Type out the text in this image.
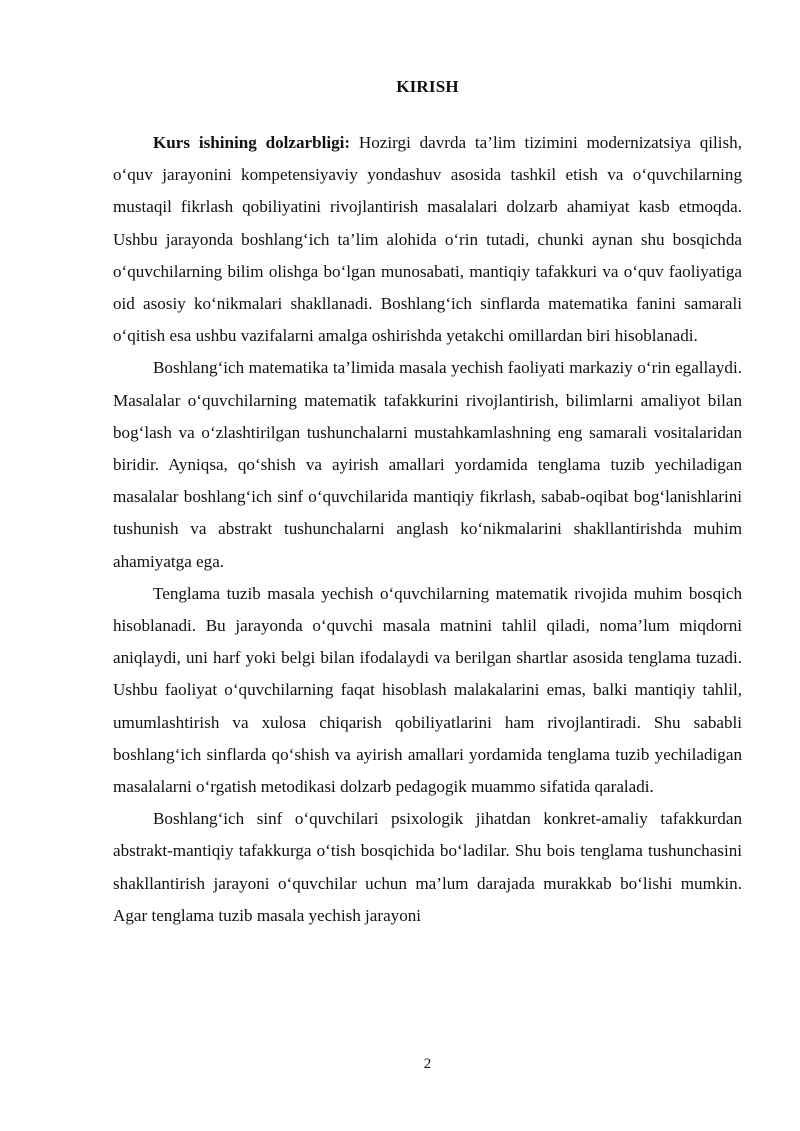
KIRISH

Kurs ishining dolzarbligi: Hozirgi davrda ta’lim tizimini modernizatsiya qilish, o‘quv jarayonini kompetensiyaviy yondashuv asosida tashkil etish va o‘quvchilarning mustaqil fikrlash qobiliyatini rivojlantirish masalalari dolzarb ahamiyat kasb etmoqda. Ushbu jarayonda boshlang‘ich ta’lim alohida o‘rin tutadi, chunki aynan shu bosqichda o‘quvchilarning bilim olishga bo‘lgan munosabati, mantiqiy tafakkuri va o‘quv faoliyatiga oid asosiy ko‘nikmalari shakllanadi. Boshlang‘ich sinflarda matematika fanini samarali o‘qitish esa ushbu vazifalarni amalga oshirishda yetakchi omillardan biri hisoblanadi.

Boshlang‘ich matematika ta’limida masala yechish faoliyati markaziy o‘rin egallaydi. Masalalar o‘quvchilarning matematik tafakkurini rivojlantirish, bilimlarni amaliyot bilan bog‘lash va o‘zlashtirilgan tushunchalarni mustahkamlashning eng samarali vositalaridan biridir. Ayniqsa, qo‘shish va ayirish amallari yordamida tenglama tuzib yechiladigan masalalar boshlang‘ich sinf o‘quvchilarida mantiqiy fikrlash, sabab-oqibat bog‘lanishlarini tushunish va abstrakt tushunchalarni anglash ko‘nikmalarini shakllantirishda muhim ahamiyatga ega.

Tenglama tuzib masala yechish o‘quvchilarning matematik rivojida muhim bosqich hisoblanadi. Bu jarayonda o‘quvchi masala matnini tahlil qiladi, noma’lum miqdorni aniqlaydi, uni harf yoki belgi bilan ifodalaydi va berilgan shartlar asosida tenglama tuzadi. Ushbu faoliyat o‘quvchilarning faqat hisoblash malakalarini emas, balki mantiqiy tahlil, umumlashtirish va xulosa chiqarish qobiliyatlarini ham rivojlantiradi. Shu sababli boshlang‘ich sinflarda qo‘shish va ayirish amallari yordamida tenglama tuzib yechiladigan masalalarni o‘rgatish metodikasi dolzarb pedagogik muammo sifatida qaraladi.

Boshlang‘ich sinf o‘quvchilari psixologik jihatdan konkret-amaliy tafakkurdan abstrakt-mantiqiy tafakkurga o‘tish bosqichida bo‘ladilar. Shu bois tenglama tushunchasini shakllantirish jarayoni o‘quvchilar uchun ma’lum darajada murakkab bo‘lishi mumkin. Agar tenglama tuzib masala yechish jarayoni

2
